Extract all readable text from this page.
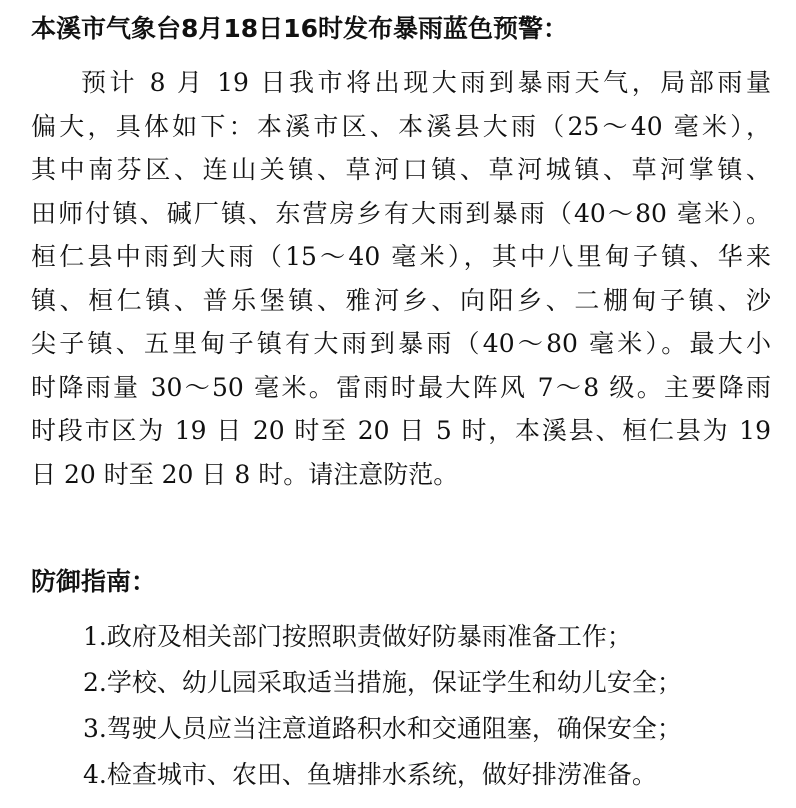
本溪市气象台8月18日16时发布暴雨蓝色预警：
预计 8 月 19 日我市将出现大雨到暴雨天气，局部雨量
偏大，具体如下：本溪市区、本溪县大雨（25～40 毫米），
其中南芬区、连山关镇、草河口镇、草河城镇、草河掌镇、
田师付镇、碱厂镇、东营房乡有大雨到暴雨（40～80 毫米）。
桓仁县中雨到大雨（15～40 毫米），其中八里甸子镇、华来
镇、桓仁镇、普乐堡镇、雅河乡、向阳乡、二棚甸子镇、沙
尖子镇、五里甸子镇有大雨到暴雨（40～80 毫米）。最大小
时降雨量 30～50 毫米。雷雨时最大阵风 7～8 级。主要降雨
时段市区为 19 日 20 时至 20 日 5 时，本溪县、桓仁县为 19
日 20 时至 20 日 8 时。请注意防范。
防御指南：
1.政府及相关部门按照职责做好防暴雨准备工作；
2.学校、幼儿园采取适当措施，保证学生和幼儿安全；
3.驾驶人员应当注意道路积水和交通阻塞，确保安全；
4.检查城市、农田、鱼塘排水系统，做好排涝准备。
